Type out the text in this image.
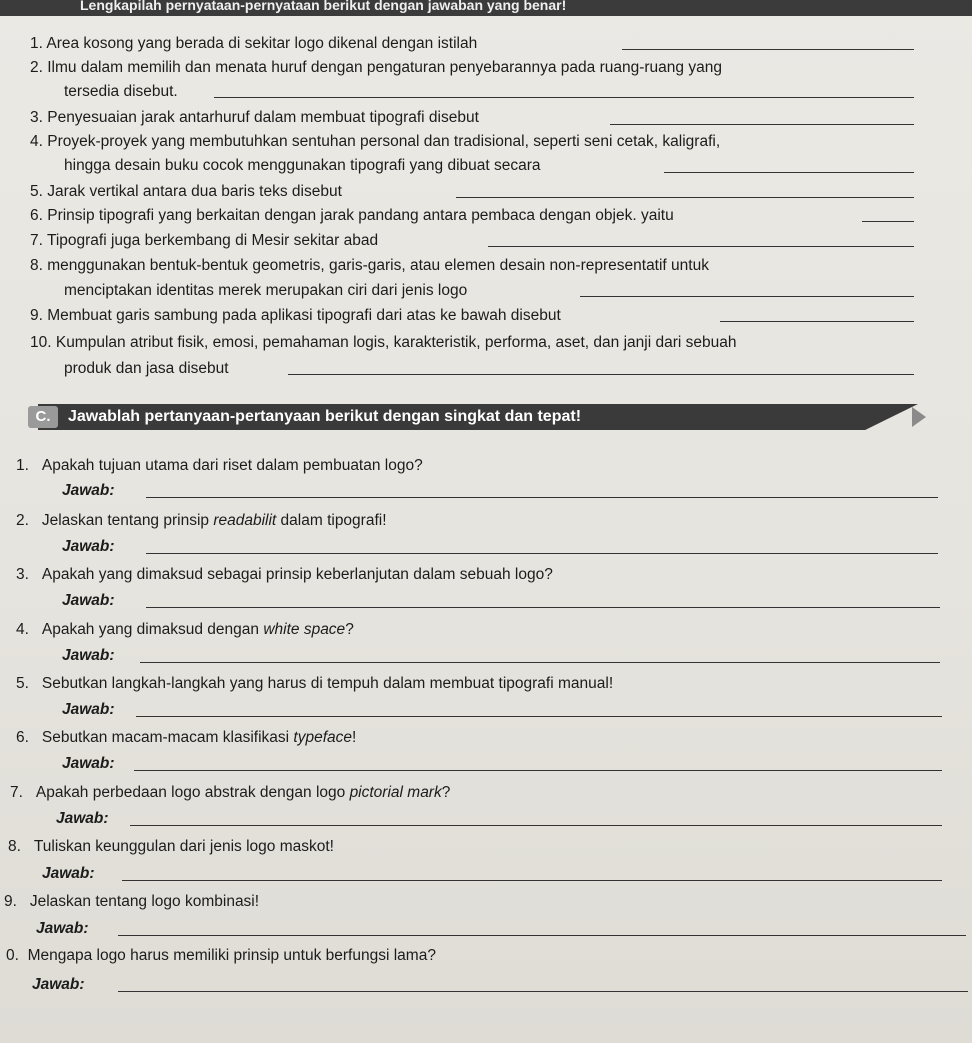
Lengkapilah pernyataan-pernyataan berikut dengan jawaban yang benar!
1. Area kosong yang berada di sekitar logo dikenal dengan istilah
2. Ilmu dalam memilih dan menata huruf dengan pengaturan penyebarannya pada ruang-ruang yang
tersedia disebut.
3. Penyesuaian jarak antarhuruf dalam membuat tipografi disebut
4. Proyek-proyek yang membutuhkan sentuhan personal dan tradisional, seperti seni cetak, kaligrafi,
hingga desain buku cocok menggunakan tipografi yang dibuat secara
5. Jarak vertikal antara dua baris teks disebut
6. Prinsip tipografi yang berkaitan dengan jarak pandang antara pembaca dengan objek. yaitu
7. Tipografi juga berkembang di Mesir sekitar abad
8. menggunakan bentuk-bentuk geometris, garis-garis, atau elemen desain non-representatif untuk
menciptakan identitas merek merupakan ciri dari jenis logo
9. Membuat garis sambung pada aplikasi tipografi dari atas ke bawah disebut
10. Kumpulan atribut fisik, emosi, pemahaman logis, karakteristik, performa, aset, dan janji dari sebuah
produk dan jasa disebut
C.	Jawablah pertanyaan-pertanyaan berikut dengan singkat dan tepat!
1. Apakah tujuan utama dari riset dalam pembuatan logo?
Jawab:
2. Jelaskan tentang prinsip readabilit dalam tipografi!
Jawab:
3. Apakah yang dimaksud sebagai prinsip keberlanjutan dalam sebuah logo?
Jawab:
4. Apakah yang dimaksud dengan white space?
Jawab:
5. Sebutkan langkah-langkah yang harus di tempuh dalam membuat tipografi manual!
Jawab:
6. Sebutkan macam-macam klasifikasi typeface!
Jawab:
7. Apakah perbedaan logo abstrak dengan logo pictorial mark?
Jawab:
8. Tuliskan keunggulan dari jenis logo maskot!
Jawab:
9. Jelaskan tentang logo kombinasi!
Jawab:
0. Mengapa logo harus memiliki prinsip untuk berfungsi lama?
Jawab:
